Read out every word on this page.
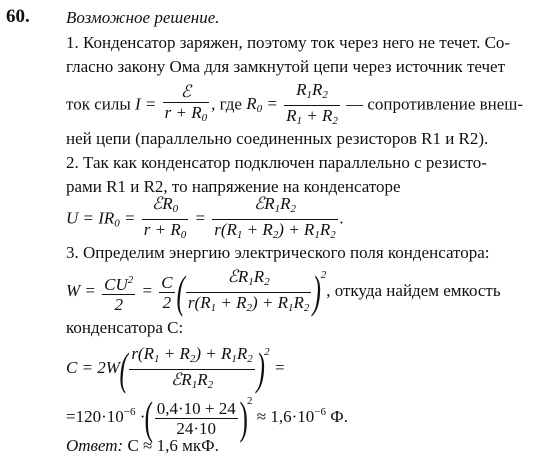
60. Возможное решение.
1. Конденсатор заряжен, поэтому ток через него не течет. Со-
гласно закону Ома для замкнутой цепи через источник течет
ток силы $I = \frac{\text{ℰ}}{r + R_0}$ , где $R_0 = \frac{R_1R_2}{R_1 + R_2}$ — сопротивление внеш-
ней цепи (параллельно соединенных резисторов R1 и R2).
2. Так как конденсатор подключен параллельно с резисто-
рами R1 и R2, то напряжение на конденсаторе
$U = IR_0 = \frac{ℰR_0}{r + R_0} = \frac{ℰR_1R_2}{r(R_1 + R_2) + R_1R_2}$ .
3. Определим энергию электрического поля конденсатора:
$W = \frac{CU^2}{2} = \frac{C}{2}$ ( $\frac{ℰR_1R_2}{r(R_1 + R_2) + R_1R_2} )^2$, откуда найдем емкость
конденсатора C:
$C = 2W( \frac{r(R_1 + R_2) + R_1R_2}{ℰR_1R_2} )^2$ =
$=120\cdot 10^{-6}$ ·( $\frac{0,4\cdot 10 + 24}{24\cdot 10} )^2 \approx 1,6\cdot 10^{-6}$ Ф.
Ответ: C ≈ 1,6 мкФ.
